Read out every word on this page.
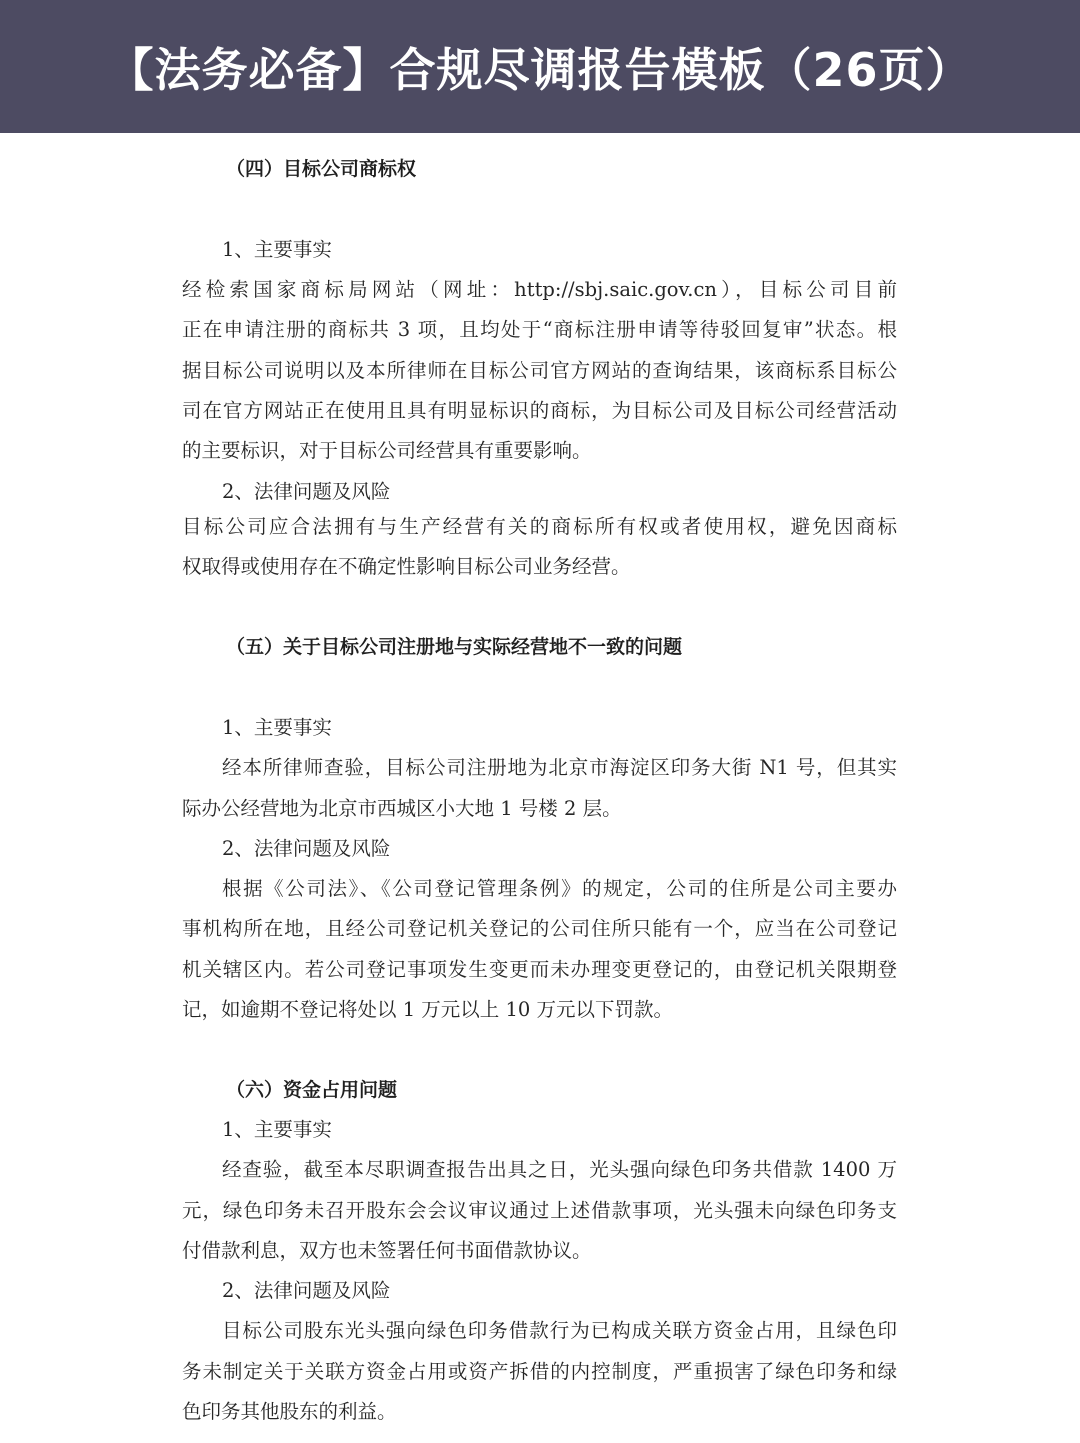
【法务必备】合规尽调报告模板（26页）
（四）目标公司商标权
1、主要事实
经检索国家商标局网站（网址：http://sbj.saic.gov.cn），目标公司目前
正在申请注册的商标共 3 项，且均处于“商标注册申请等待驳回复审”状态。根
据目标公司说明以及本所律师在目标公司官方网站的查询结果，该商标系目标公
司在官方网站正在使用且具有明显标识的商标，为目标公司及目标公司经营活动
的主要标识，对于目标公司经营具有重要影响。
2、法律问题及风险
目标公司应合法拥有与生产经营有关的商标所有权或者使用权，避免因商标
权取得或使用存在不确定性影响目标公司业务经营。
（五）关于目标公司注册地与实际经营地不一致的问题
1、主要事实
经本所律师查验，目标公司注册地为北京市海淀区印务大街 N1 号，但其实
际办公经营地为北京市西城区小大地 1 号楼 2 层。
2、法律问题及风险
根据《公司法》、《公司登记管理条例》的规定，公司的住所是公司主要办
事机构所在地，且经公司登记机关登记的公司住所只能有一个，应当在公司登记
机关辖区内。若公司登记事项发生变更而未办理变更登记的，由登记机关限期登
记，如逾期不登记将处以 1 万元以上 10 万元以下罚款。
（六）资金占用问题
1、主要事实
经查验，截至本尽职调查报告出具之日，光头强向绿色印务共借款 1400 万
元，绿色印务未召开股东会会议审议通过上述借款事项，光头强未向绿色印务支
付借款利息，双方也未签署任何书面借款协议。
2、法律问题及风险
目标公司股东光头强向绿色印务借款行为已构成关联方资金占用，且绿色印
务未制定关于关联方资金占用或资产拆借的内控制度，严重损害了绿色印务和绿
色印务其他股东的利益。
